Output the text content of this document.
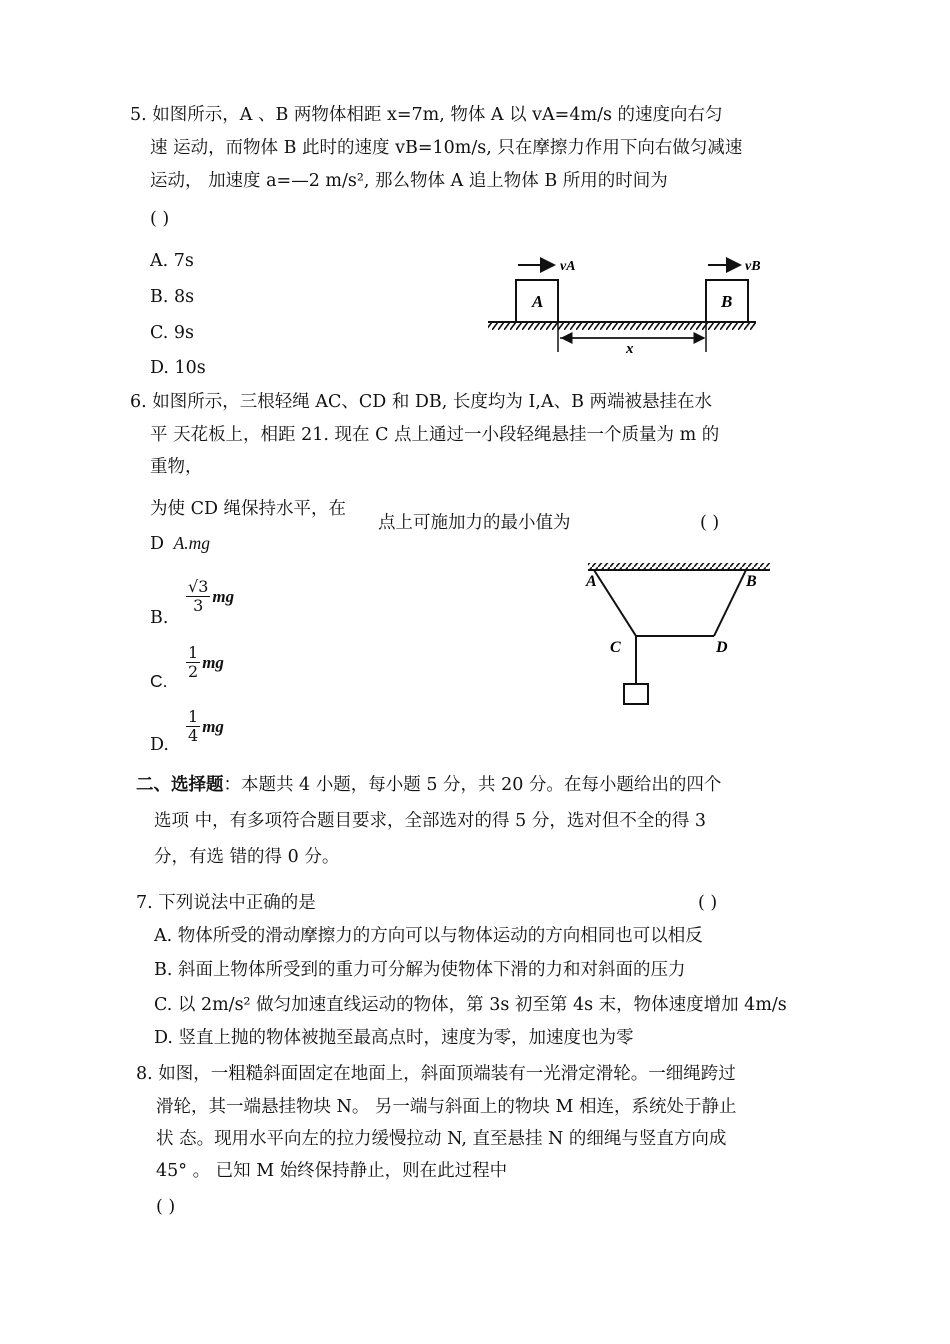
5. 如图所示，A 、B 两物体相距 x=7m, 物体 A 以 vA=4m/s 的速度向右匀
速 运动，而物体 B 此时的速度 vB=10m/s, 只在摩擦力作用下向右做匀减速
运动， 加速度 a=—2 m/s², 那么物体 A 追上物体 B 所用的时间为
( )
A. 7s
B. 8s
C. 9s
D. 10s
A	B
vA	vB
x
6. 如图所示，三根轻绳 AC、CD 和 DB, 长度均为 I,A、B 两端被悬挂在水
平 天花板上，相距 21. 现在 C 点上通过一小段轻绳悬挂一个质量为 m 的
重物，
为使 CD 绳保持水平，在
点上可施加力的最小值为	( )
D A.mg
B.
$\frac{√3}{3}$ mg
C. $\frac{1}{2}$ mg
D. $\frac{1}{4}$ mg
A	B
C	D
二、选择题：本题共 4 小题，每小题 5 分，共 20 分。在每小题给出的四个
选项 中，有多项符合题目要求，全部选对的得 5 分，选对但不全的得 3
分，有选 错的得 0 分。
7. 下列说法中正确的是	( )
A. 物体所受的滑动摩擦力的方向可以与物体运动的方向相同也可以相反
B. 斜面上物体所受到的重力可分解为使物体下滑的力和对斜面的压力
C. 以 2m/s² 做匀加速直线运动的物体，第 3s 初至第 4s 末，物体速度增加 4m/s
D. 竖直上抛的物体被抛至最高点时，速度为零，加速度也为零
8. 如图，一粗糙斜面固定在地面上，斜面顶端装有一光滑定滑轮。一细绳跨过
滑轮，其一端悬挂物块 N。 另一端与斜面上的物块 M 相连，系统处于静止
状 态。现用水平向左的拉力缓慢拉动 N, 直至悬挂 N 的细绳与竖直方向成
45° 。 已知 M 始终保持静止，则在此过程中
( )
